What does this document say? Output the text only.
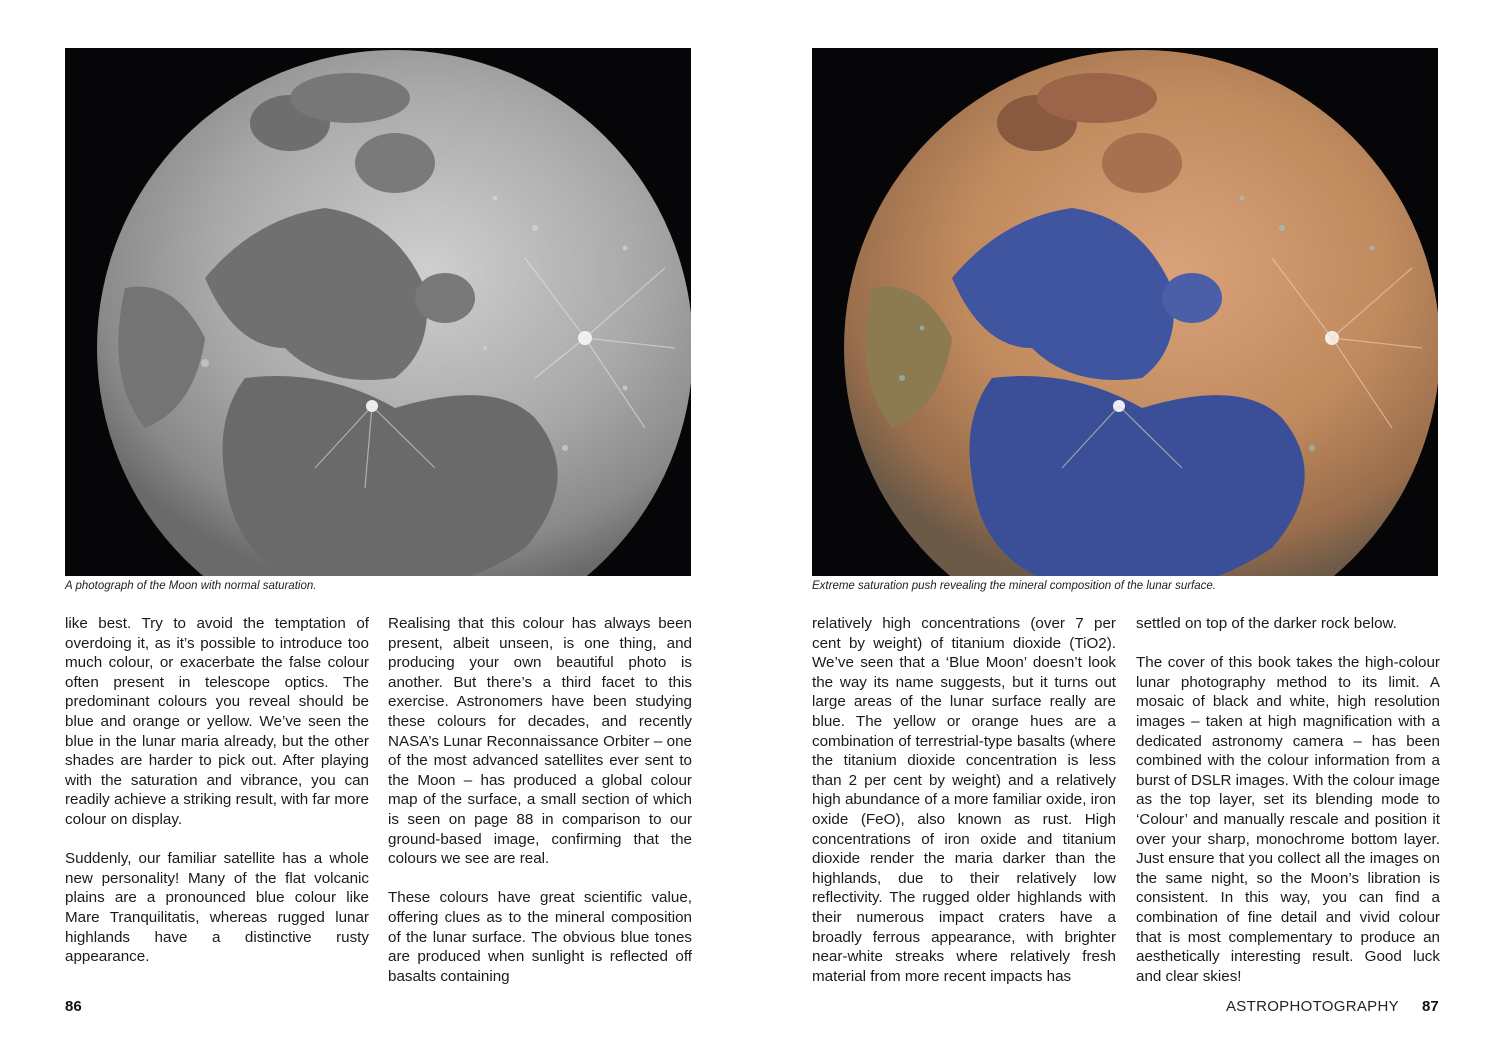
A photograph of the Moon with normal saturation.

like best. Try to avoid the temptation of overdoing it, as it’s possible to introduce too much colour, or exacerbate the false colour often present in telescope optics. The predominant colours you reveal should be blue and orange or yellow. We’ve seen the blue in the lunar maria already, but the other shades are harder to pick out. After playing with the saturation and vibrance, you can readily achieve a striking result, with far more colour on display.

Suddenly, our familiar satellite has a whole new personality! Many of the flat volcanic plains are a pronounced blue colour like Mare Tranquilitatis, whereas rugged lunar highlands have a distinctive rusty appearance.

Realising that this colour has always been present, albeit unseen, is one thing, and producing your own beautiful photo is another. But there’s a third facet to this exercise. Astronomers have been studying these colours for decades, and recently NASA’s Lunar Reconnaissance Orbiter – one of the most advanced satellites ever sent to the Moon – has produced a global colour map of the surface, a small section of which is seen on page 88 in comparison to our ground-based image, confirming that the colours we see are real.

These colours have great scientific value, offering clues as to the mineral composition of the lunar surface. The obvious blue tones are produced when sunlight is reflected off basalts containing

86
Extreme saturation push revealing the mineral composition of the lunar surface.

relatively high concentrations (over 7 per cent by weight) of titanium dioxide (TiO2). We’ve seen that a ‘Blue Moon’ doesn’t look the way its name suggests, but it turns out large areas of the lunar surface really are blue. The yellow or orange hues are a combination of terrestrial-type basalts (where the titanium dioxide concentration is less than 2 per cent by weight) and a relatively high abundance of a more familiar oxide, iron oxide (FeO), also known as rust. High concentrations of iron oxide and titanium dioxide render the maria darker than the highlands, due to their relatively low reflectivity. The rugged older highlands with their numerous impact craters have a broadly ferrous appearance, with brighter near-white streaks where relatively fresh material from more recent impacts has

settled on top of the darker rock below.

The cover of this book takes the high-colour lunar photography method to its limit. A mosaic of black and white, high resolution images – taken at high magnification with a dedicated astronomy camera – has been combined with the colour information from a burst of DSLR images. With the colour image as the top layer, set its blending mode to ‘Colour’ and manually rescale and position it over your sharp, monochrome bottom layer. Just ensure that you collect all the images on the same night, so the Moon’s libration is consistent. In this way, you can find a combination of fine detail and vivid colour that is most complementary to produce an aesthetically interesting result. Good luck and clear skies!

ASTROPHOTOGRAPHY 87
